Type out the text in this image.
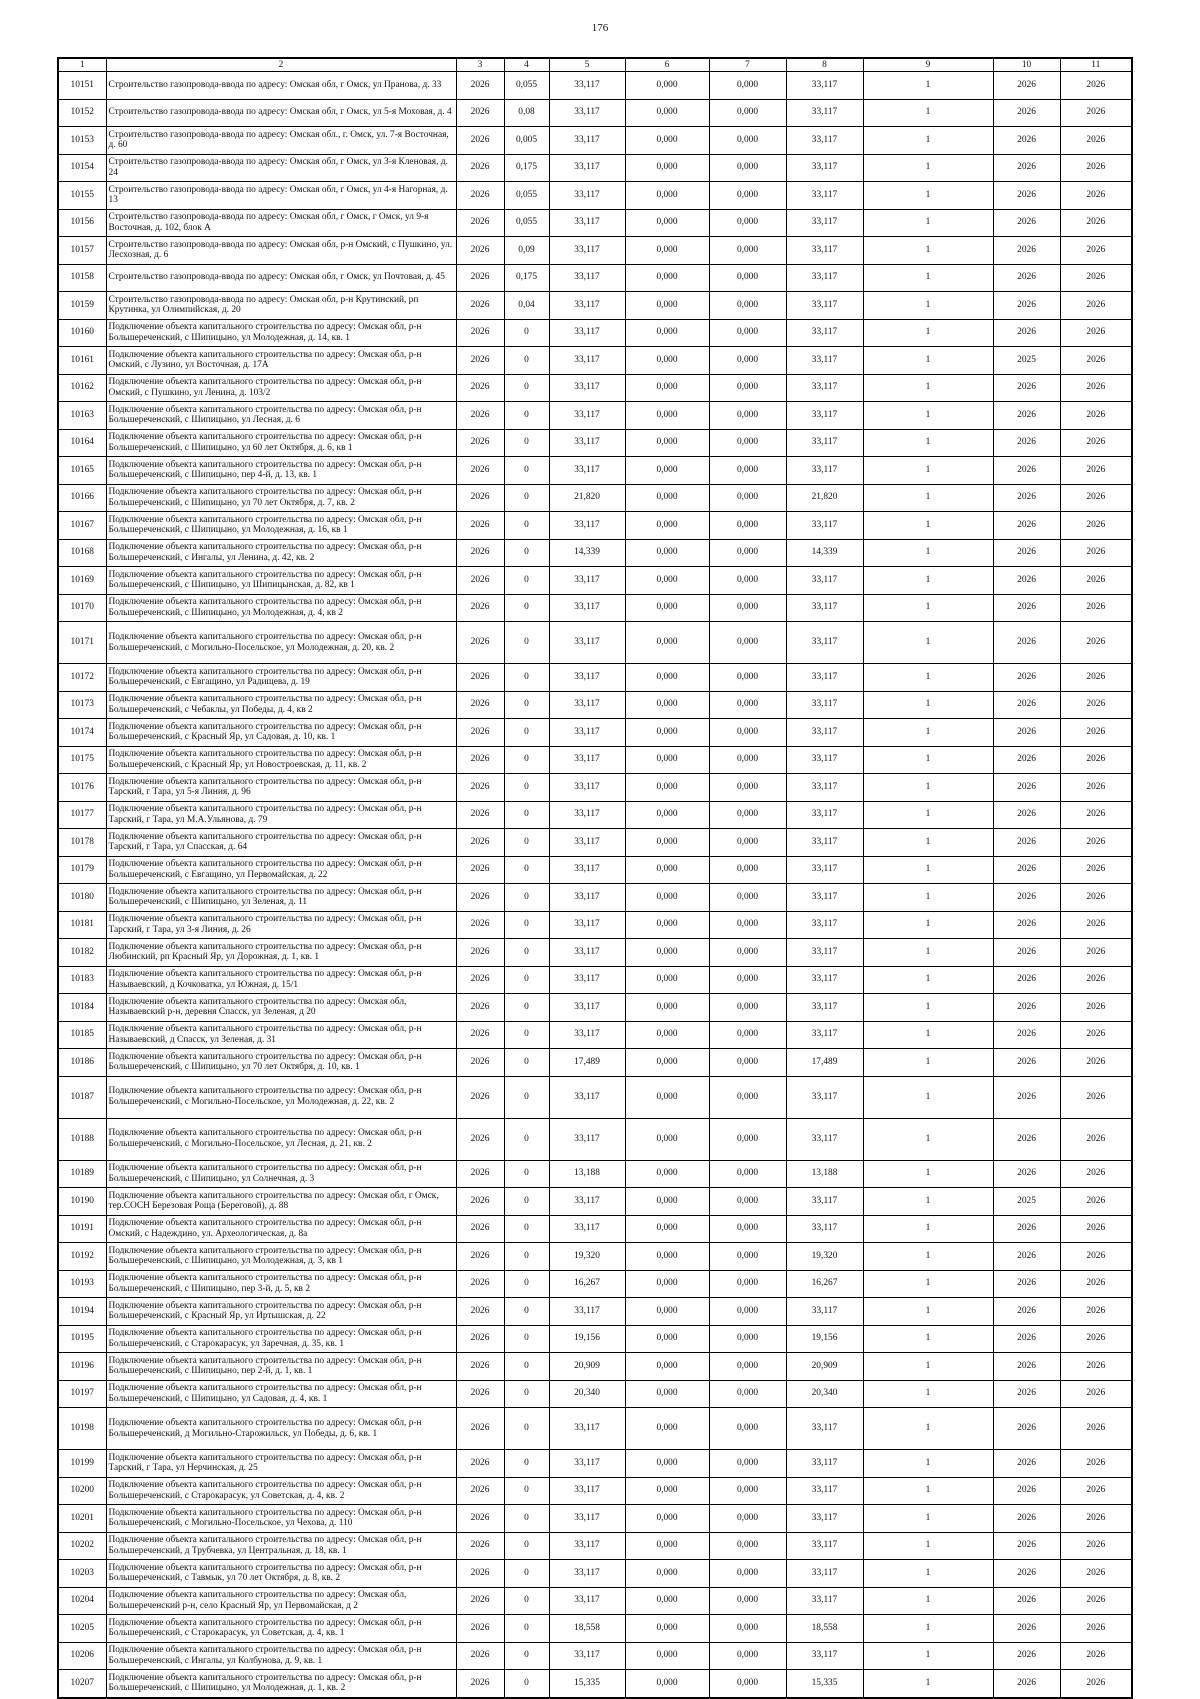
176
1	2	3	4	5	6	7	8	9	10	11
10151	Строительство газопровода-ввода по адресу: Омская обл, г Омск, ул Пранова, д. 33	2026	0,055	33,117	0,000	0,000	33,117	1	2026	2026
10152	Строительство газопровода-ввода по адресу: Омская обл, г Омск, ул 5-я Моховая, д. 4	2026	0,08	33,117	0,000	0,000	33,117	1	2026	2026
10153	Строительство газопровода-ввода по адресу: Омская обл., г. Омск, ул. 7-я Восточная, д. 60	2026	0,005	33,117	0,000	0,000	33,117	1	2026	2026
10154	Строительство газопровода-ввода по адресу: Омская обл, г Омск, ул 3-я Кленовая, д. 24	2026	0,175	33,117	0,000	0,000	33,117	1	2026	2026
10155	Строительство газопровода-ввода по адресу: Омская обл, г Омск, ул 4-я Нагорная, д. 13	2026	0,055	33,117	0,000	0,000	33,117	1	2026	2026
10156	Строительство газопровода-ввода по адресу: Омская обл, г Омск, г Омск, ул 9-я Восточная, д. 102, блок А	2026	0,055	33,117	0,000	0,000	33,117	1	2026	2026
10157	Строительство газопровода-ввода по адресу: Омская обл, р-н Омский, с Пушкино, ул. Лесхозная, д. 6	2026	0,09	33,117	0,000	0,000	33,117	1	2026	2026
10158	Строительство газопровода-ввода по адресу: Омская обл, г Омск, ул Почтовая, д. 45	2026	0,175	33,117	0,000	0,000	33,117	1	2026	2026
10159	Строительство газопровода-ввода по адресу: Омская обл, р-н Крутинский, рп Крутинка, ул Олимпийская, д. 20	2026	0,04	33,117	0,000	0,000	33,117	1	2026	2026
10160	Подключение объекта капитального строительства по адресу: Омская обл, р-н Большереченский, с Шипицыно, ул Молодежная, д. 14, кв. 1	2026	0	33,117	0,000	0,000	33,117	1	2026	2026
10161	Подключение объекта капитального строительства по адресу: Омская обл, р-н Омский, с Лузино, ул Восточная, д. 17А	2026	0	33,117	0,000	0,000	33,117	1	2025	2026
10162	Подключение объекта капитального строительства по адресу: Омская обл, р-н Омский, с Пушкино, ул Ленина, д. 103/2	2026	0	33,117	0,000	0,000	33,117	1	2026	2026
10163	Подключение объекта капитального строительства по адресу: Омская обл, р-н Большереченский, с Шипицыно, ул Лесная, д. 6	2026	0	33,117	0,000	0,000	33,117	1	2026	2026
10164	Подключение объекта капитального строительства по адресу: Омская обл, р-н Большереченский, с Шипицыно, ул 60 лет Октября, д. 6, кв 1	2026	0	33,117	0,000	0,000	33,117	1	2026	2026
10165	Подключение объекта капитального строительства по адресу: Омская обл, р-н Большереченский, с Шипицыно, пер 4-й, д. 13, кв. 1	2026	0	33,117	0,000	0,000	33,117	1	2026	2026
10166	Подключение объекта капитального строительства по адресу: Омская обл, р-н Большереченский, с Шипицыно, ул 70 лет Октября, д. 7, кв. 2	2026	0	21,820	0,000	0,000	21,820	1	2026	2026
10167	Подключение объекта капитального строительства по адресу: Омская обл, р-н Большереченский, с Шипицыно, ул Молодежная, д. 16, кв 1	2026	0	33,117	0,000	0,000	33,117	1	2026	2026
10168	Подключение объекта капитального строительства по адресу: Омская обл, р-н Большереченский, с Ингалы, ул Ленина, д. 42, кв. 2	2026	0	14,339	0,000	0,000	14,339	1	2026	2026
10169	Подключение объекта капитального строительства по адресу: Омская обл, р-н Большереченский, с Шипицыно, ул Шипицынская, д. 82, кв 1	2026	0	33,117	0,000	0,000	33,117	1	2026	2026
10170	Подключение объекта капитального строительства по адресу: Омская обл, р-н Большереченский, с Шипицыно, ул Молодежная, д. 4, кв 2	2026	0	33,117	0,000	0,000	33,117	1	2026	2026
10171	Подключение объекта капитального строительства по адресу: Омская обл, р-н Большереченский, с Могильно-Посельское, ул Молодежная, д. 20, кв. 2	2026	0	33,117	0,000	0,000	33,117	1	2026	2026
10172	Подключение объекта капитального строительства по адресу: Омская обл, р-н Большереченский, с Евгащино, ул Радищева, д. 19	2026	0	33,117	0,000	0,000	33,117	1	2026	2026
10173	Подключение объекта капитального строительства по адресу: Омская обл, р-н Большереченский, с Чебаклы, ул Победы, д. 4, кв 2	2026	0	33,117	0,000	0,000	33,117	1	2026	2026
10174	Подключение объекта капитального строительства по адресу: Омская обл, р-н Большереченский, с Красный Яр, ул Садовая, д. 10, кв. 1	2026	0	33,117	0,000	0,000	33,117	1	2026	2026
10175	Подключение объекта капитального строительства по адресу: Омская обл, р-н Большереченский, с Красный Яр, ул Новостроевская, д. 11, кв. 2	2026	0	33,117	0,000	0,000	33,117	1	2026	2026
10176	Подключение объекта капитального строительства по адресу: Омская обл, р-н Тарский, г Тара, ул 5-я Линия, д. 96	2026	0	33,117	0,000	0,000	33,117	1	2026	2026
10177	Подключение объекта капитального строительства по адресу: Омская обл, р-н Тарский, г Тара, ул М.А.Ульянова, д. 79	2026	0	33,117	0,000	0,000	33,117	1	2026	2026
10178	Подключение объекта капитального строительства по адресу: Омская обл, р-н Тарский, г Тара, ул Спасская, д. 64	2026	0	33,117	0,000	0,000	33,117	1	2026	2026
10179	Подключение объекта капитального строительства по адресу: Омская обл, р-н Большереченский, с Евгащино, ул Первомайская, д. 22	2026	0	33,117	0,000	0,000	33,117	1	2026	2026
10180	Подключение объекта капитального строительства по адресу: Омская обл, р-н Большереченский, с Шипицыно, ул Зеленая, д. 11	2026	0	33,117	0,000	0,000	33,117	1	2026	2026
10181	Подключение объекта капитального строительства по адресу: Омская обл, р-н Тарский, г Тара, ул 3-я Линия, д. 26	2026	0	33,117	0,000	0,000	33,117	1	2026	2026
10182	Подключение объекта капитального строительства по адресу: Омская обл, р-н Любинский, рп Красный Яр, ул Дорожная, д. 1, кв. 1	2026	0	33,117	0,000	0,000	33,117	1	2026	2026
10183	Подключение объекта капитального строительства по адресу: Омская обл, р-н Называевский, д Кочковатка, ул Южная, д. 15/1	2026	0	33,117	0,000	0,000	33,117	1	2026	2026
10184	Подключение объекта капитального строительства по адресу: Омская обл, Называевский р-н, деревня Спасск, ул Зеленая, д 20	2026	0	33,117	0,000	0,000	33,117	1	2026	2026
10185	Подключение объекта капитального строительства по адресу: Омская обл, р-н Называевский, д Спасск, ул Зеленая, д. 31	2026	0	33,117	0,000	0,000	33,117	1	2026	2026
10186	Подключение объекта капитального строительства по адресу: Омская обл, р-н Большереченский, с Шипицыно, ул 70 лет Октября, д. 10, кв. 1	2026	0	17,489	0,000	0,000	17,489	1	2026	2026
10187	Подключение объекта капитального строительства по адресу: Омская обл, р-н Большереченский, с Могильно-Посельское, ул Молодежная, д. 22, кв. 2	2026	0	33,117	0,000	0,000	33,117	1	2026	2026
10188	Подключение объекта капитального строительства по адресу: Омская обл, р-н Большереченский, с Могильно-Посельское, ул Лесная, д. 21, кв. 2	2026	0	33,117	0,000	0,000	33,117	1	2026	2026
10189	Подключение объекта капитального строительства по адресу: Омская обл, р-н Большереченский, с Шипицыно, ул Солнечная, д. 3	2026	0	13,188	0,000	0,000	13,188	1	2026	2026
10190	Подключение объекта капитального строительства по адресу: Омская обл, г Омск, тер.СОСН Березовая Роща (Береговой), д. 88	2026	0	33,117	0,000	0,000	33,117	1	2025	2026
10191	Подключение объекта капитального строительства по адресу: Омская обл, р-н Омский, с Надеждино, ул. Археологическая, д. 8а	2026	0	33,117	0,000	0,000	33,117	1	2026	2026
10192	Подключение объекта капитального строительства по адресу: Омская обл, р-н Большереченский, с Шипицыно, ул Молодежная, д. 3, кв 1	2026	0	19,320	0,000	0,000	19,320	1	2026	2026
10193	Подключение объекта капитального строительства по адресу: Омская обл, р-н Большереченский, с Шипицыно, пер 3-й, д. 5, кв 2	2026	0	16,267	0,000	0,000	16,267	1	2026	2026
10194	Подключение объекта капитального строительства по адресу: Омская обл, р-н Большереченский, с Красный Яр, ул Иртышская, д. 22	2026	0	33,117	0,000	0,000	33,117	1	2026	2026
10195	Подключение объекта капитального строительства по адресу: Омская обл, р-н Большереченский, с Старокарасук, ул Заречная, д. 35, кв. 1	2026	0	19,156	0,000	0,000	19,156	1	2026	2026
10196	Подключение объекта капитального строительства по адресу: Омская обл, р-н Большереченский, с Шипицыно, пер 2-й, д. 1, кв. 1	2026	0	20,909	0,000	0,000	20,909	1	2026	2026
10197	Подключение объекта капитального строительства по адресу: Омская обл, р-н Большереченский, с Шипицыно, ул Садовая, д. 4, кв. 1	2026	0	20,340	0,000	0,000	20,340	1	2026	2026
10198	Подключение объекта капитального строительства по адресу: Омская обл, р-н Большереченский, д Могильно-Старожильск, ул Победы, д. 6, кв. 1	2026	0	33,117	0,000	0,000	33,117	1	2026	2026
10199	Подключение объекта капитального строительства по адресу: Омская обл, р-н Тарский, г Тара, ул Нерчинская, д. 25	2026	0	33,117	0,000	0,000	33,117	1	2026	2026
10200	Подключение объекта капитального строительства по адресу: Омская обл, р-н Большереченский, с Старокарасук, ул Советская, д. 4, кв. 2	2026	0	33,117	0,000	0,000	33,117	1	2026	2026
10201	Подключение объекта капитального строительства по адресу: Омская обл, р-н Большереченский, с Могильно-Посельское, ул Чехова, д. 110	2026	0	33,117	0,000	0,000	33,117	1	2026	2026
10202	Подключение объекта капитального строительства по адресу: Омская обл, р-н Большереченский, д Трубчевка, ул Центральная, д. 18, кв. 1	2026	0	33,117	0,000	0,000	33,117	1	2026	2026
10203	Подключение объекта капитального строительства по адресу: Омская обл, р-н Большереченский, с Тавмык, ул 70 лет Октября, д. 8, кв. 2	2026	0	33,117	0,000	0,000	33,117	1	2026	2026
10204	Подключение объекта капитального строительства по адресу: Омская обл, Большереченский р-н, село Красный Яр, ул Первомайская, д 2	2026	0	33,117	0,000	0,000	33,117	1	2026	2026
10205	Подключение объекта капитального строительства по адресу: Омская обл, р-н Большереченский, с Старокарасук, ул Советская, д. 4, кв. 1	2026	0	18,558	0,000	0,000	18,558	1	2026	2026
10206	Подключение объекта капитального строительства по адресу: Омская обл, р-н Большереченский, с Ингалы, ул Колбунова, д. 9, кв. 1	2026	0	33,117	0,000	0,000	33,117	1	2026	2026
10207	Подключение объекта капитального строительства по адресу: Омская обл, р-н Большереченский, с Шипицыно, ул Молодежная, д. 1, кв. 2	2026	0	15,335	0,000	0,000	15,335	1	2026	2026
